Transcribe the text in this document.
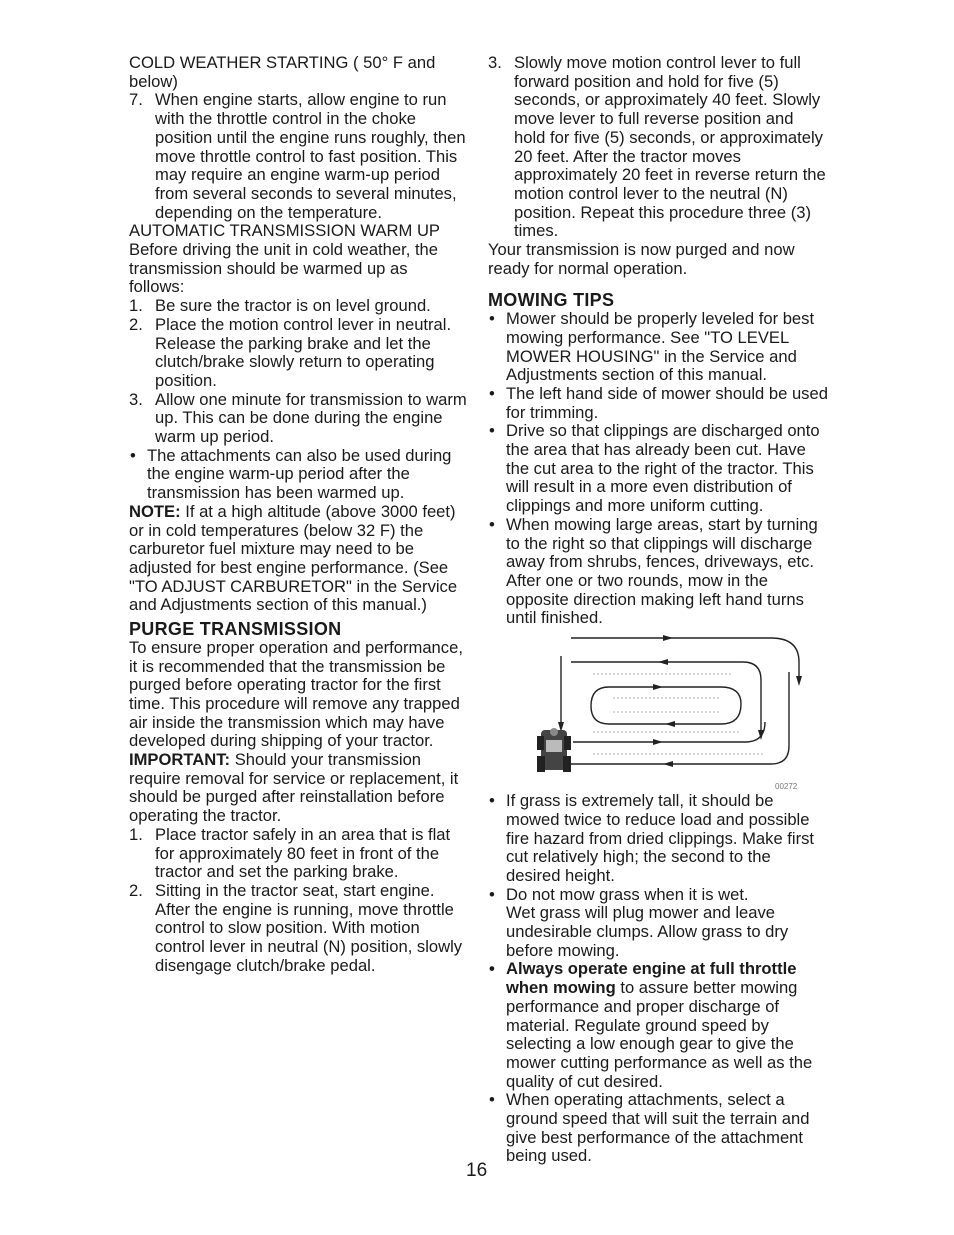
COLD WEATHER STARTING ( 50° F and below)

7. When engine starts, allow engine to run with the throttle control in the choke position until the engine runs roughly, then move throttle control to fast position. This may require an engine warm-up period from several seconds to several minutes, depending on the temperature.

AUTOMATIC TRANSMISSION WARM UP

Before driving the unit in cold weather, the transmission should be warmed up as follows:

1. Be sure the tractor is on level ground.
2. Place the motion control lever in neutral. Release the parking brake and let the clutch/brake slowly return to operating position.
3. Allow one minute for transmission to warm up. This can be done during the engine warm up period.
• The attachments can also be used during the engine warm-up period after the transmission has been warmed up.

NOTE: If at a high altitude (above 3000 feet) or in cold temperatures (below 32 F) the carburetor fuel mixture may need to be adjusted for best engine performance. (See "TO ADJUST CARBURETOR" in the Service and Adjustments section of this manual.)

PURGE TRANSMISSION

To ensure proper operation and performance, it is recommended that the transmission be purged before operating tractor for the first time. This procedure will remove any trapped air inside the transmission which may have developed during shipping of your tractor.

IMPORTANT: Should your transmission require removal for service or replacement, it should be purged after reinstallation before operating the tractor.

1. Place tractor safely in an area that is flat for approximately 80 feet in front of the tractor and set the parking brake.
2. Sitting in the tractor seat, start engine. After the engine is running, move throttle control to slow position. With motion control lever in neutral (N) position, slowly disengage clutch/brake pedal.
3. Slowly move motion control lever to full forward position and hold for five (5) seconds, or approximately 40 feet. Slowly move lever to full reverse position and hold for five (5) seconds, or approximately 20 feet. After the tractor moves approximately 20 feet in reverse return the motion control lever to the neutral (N) position. Repeat this procedure three (3) times.

Your transmission is now purged and now ready for normal operation.

MOWING TIPS

• Mower should be properly leveled for best mowing performance. See "TO LEVEL MOWER HOUSING" in the Service and Adjustments section of this manual.
• The left hand side of mower should be used for trimming.
• Drive so that clippings are discharged onto the area that has already been cut. Have the cut area to the right of the tractor. This will result in a more even distribution of clippings and more uniform cutting.
• When mowing large areas, start by turning to the right so that clippings will discharge away from shrubs, fences, driveways, etc. After one or two rounds, mow in the opposite direction making left hand turns until finished.
00272
• If grass is extremely tall, it should be mowed twice to reduce load and possible fire hazard from dried clippings. Make first cut relatively high; the second to the desired height.
• Do not mow grass when it is wet.
Wet grass will plug mower and leave undesirable clumps. Allow grass to dry before mowing.
• Always operate engine at full throttle when mowing to assure better mowing performance and proper discharge of material. Regulate ground speed by selecting a low enough gear to give the mower cutting performance as well as the quality of cut desired.
• When operating attachments, select a ground speed that will suit the terrain and give best performance of the attachment being used.
16
